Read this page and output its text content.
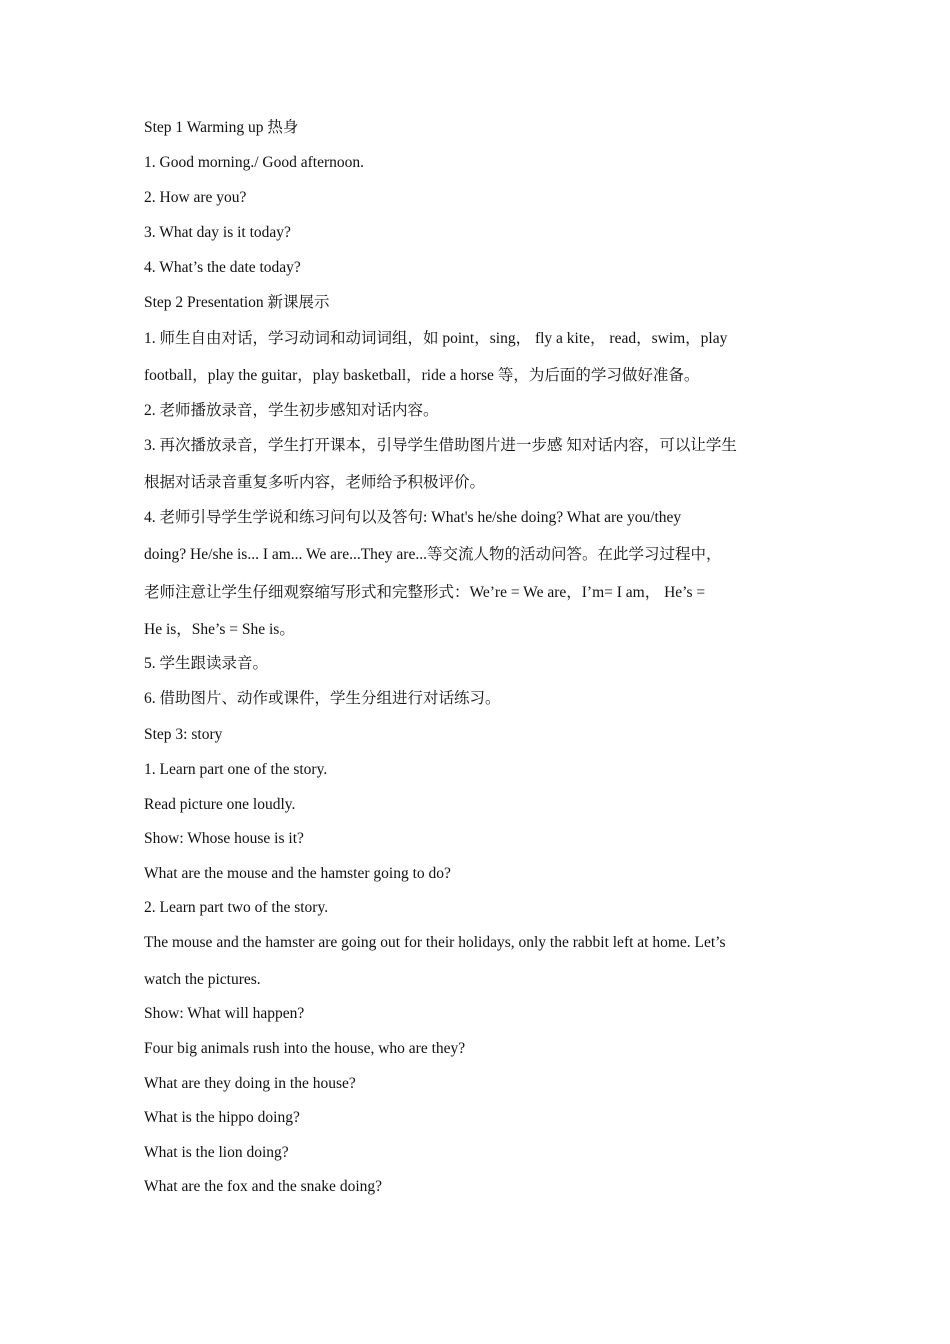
Step 1 Warming up 热身
1. Good morning./ Good afternoon.
2. How are you?
3. What day is it today?
4. What’s the date today?
Step 2 Presentation 新课展示
1. 师生自由对话，学习动词和动词词组，如 point，sing， fly a kite， read，swim，play
football，play the guitar，play basketball，ride a horse 等，为后面的学习做好准备。
2. 老师播放录音，学生初步感知对话内容。
3. 再次播放录音，学生打开课本，引导学生借助图片进一步感 知对话内容，可以让学生
根据对话录音重复多听内容，老师给予积极评价。
4. 老师引导学生学说和练习问句以及答句: What's he/she doing? What are you/they
doing? He/she is... I am... We are...They are...等交流人物的活动问答。在此学习过程中，
老师注意让学生仔细观察缩写形式和完整形式：We’re = We are，I’m= I am， He’s =
He is，She’s = She is。
5. 学生跟读录音。
6. 借助图片、动作或课件，学生分组进行对话练习。
Step 3: story
1. Learn part one of the story.
Read picture one loudly.
Show: Whose house is it?
What are the mouse and the hamster going to do?
2. Learn part two of the story.
The mouse and the hamster are going out for their holidays, only the rabbit left at home. Let’s
watch the pictures.
Show: What will happen?
Four big animals rush into the house, who are they?
What are they doing in the house?
What is the hippo doing?
What is the lion doing?
What are the fox and the snake doing?
